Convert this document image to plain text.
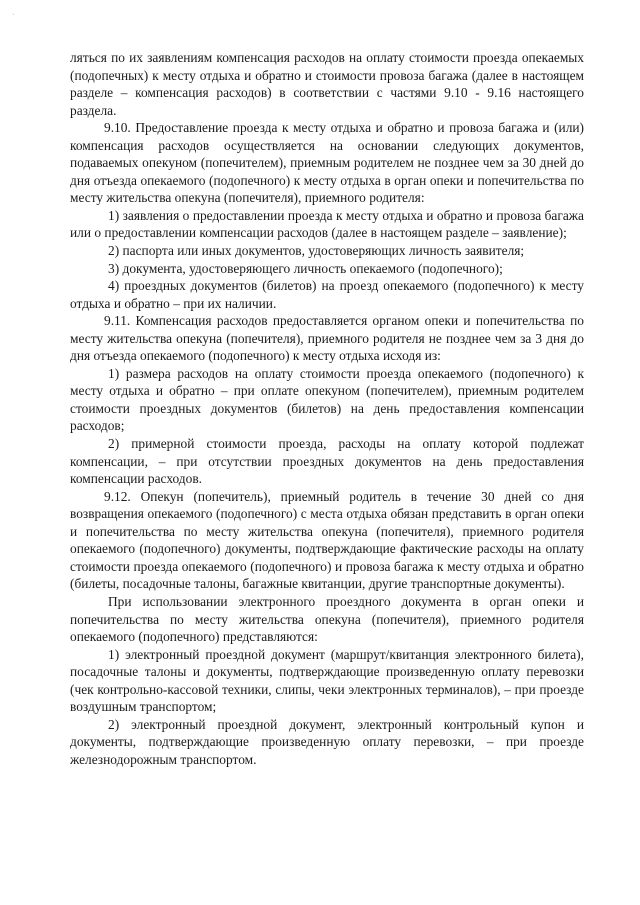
`

ляться по их заявлениям компенсация расходов на оплату стоимости проезда опекаемых (подопечных) к месту отдыха и обратно и стоимости провоза багажа (далее в настоящем разделе – компенсация расходов) в соответствии с частями 9.10 - 9.16 настоящего раздела.

9.10. Предоставление проезда к месту отдыха и обратно и провоза багажа и (или) компенсация расходов осуществляется на основании следующих документов, подаваемых опекуном (попечителем), приемным родителем не позднее чем за 30 дней до дня отъезда опекаемого (подопечного) к месту отдыха в орган опеки и попечительства по месту жительства опекуна (попечителя), приемного родителя:

1) заявления о предоставлении проезда к месту отдыха и обратно и провоза багажа или о предоставлении компенсации расходов (далее в настоящем разделе – заявление);

2) паспорта или иных документов, удостоверяющих личность заявителя;

3) документа, удостоверяющего личность опекаемого (подопечного);

4) проездных документов (билетов) на проезд опекаемого (подопечного) к месту отдыха и обратно – при их наличии.

9.11. Компенсация расходов предоставляется органом опеки и попечительства по месту жительства опекуна (попечителя), приемного родителя не позднее чем за 3 дня до дня отъезда опекаемого (подопечного) к месту отдыха исходя из:

1) размера расходов на оплату стоимости проезда опекаемого (подопечного) к месту отдыха и обратно – при оплате опекуном (попечителем), приемным родителем стоимости проездных документов (билетов) на день предоставления компенсации расходов;

2) примерной стоимости проезда, расходы на оплату которой подлежат компенсации, – при отсутствии проездных документов на день предоставления компенсации расходов.

9.12. Опекун (попечитель), приемный родитель в течение 30 дней со дня возвращения опекаемого (подопечного) с места отдыха обязан представить в орган опеки и попечительства по месту жительства опекуна (попечителя), приемного родителя опекаемого (подопечного) документы, подтверждающие фактические расходы на оплату стоимости проезда опекаемого (подопечного) и провоза багажа к месту отдыха и обратно (билеты, посадочные талоны, багажные квитанции, другие транспортные документы).

При использовании электронного проездного документа в орган опеки и попечительства по месту жительства опекуна (попечителя), приемного родителя опекаемого (подопечного) представляются:

1) электронный проездной документ (маршрут/квитанция электронного билета), посадочные талоны и документы, подтверждающие произведенную оплату перевозки (чек контрольно-кассовой техники, слипы, чеки электронных терминалов), – при проезде воздушным транспортом;

2) электронный проездной документ, электронный контрольный купон и документы, подтверждающие произведенную оплату перевозки, – при проезде железнодорожным транспортом.
